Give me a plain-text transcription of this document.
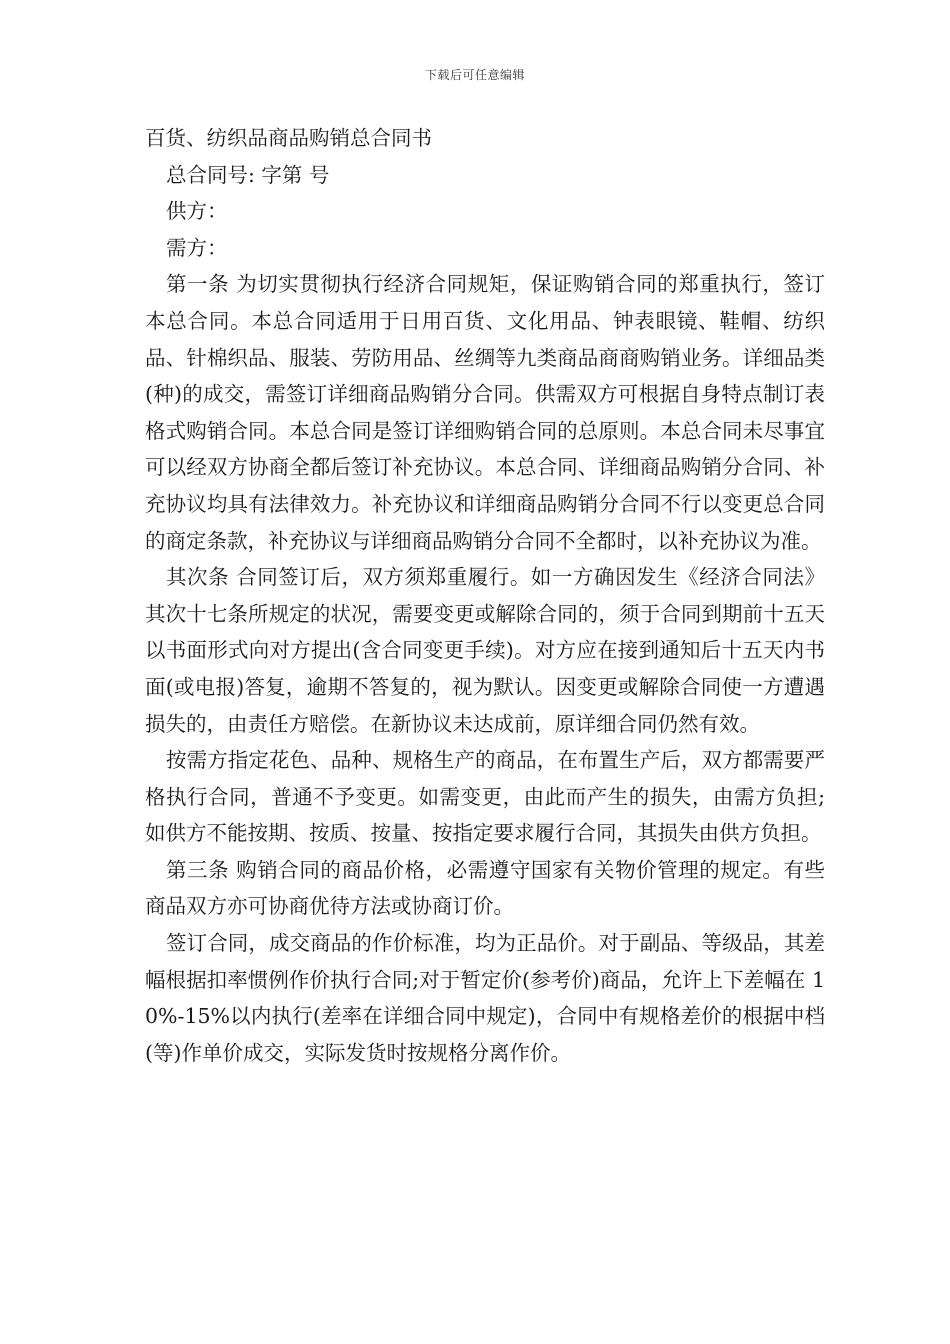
下载后可任意编辑

百货、纺织品商品购销总合同书

总合同号: 字第 号

供方：

需方：

第一条 为切实贯彻执行经济合同规矩，保证购销合同的郑重执行，签订本总合同。本总合同适用于日用百货、文化用品、钟表眼镜、鞋帽、纺织品、针棉织品、服装、劳防用品、丝绸等九类商品商商购销业务。详细品类(种)的成交，需签订详细商品购销分合同。供需双方可根据自身特点制订表格式购销合同。本总合同是签订详细购销合同的总原则。本总合同未尽事宜可以经双方协商全都后签订补充协议。本总合同、详细商品购销分合同、补充协议均具有法律效力。补充协议和详细商品购销分合同不行以变更总合同的商定条款，补充协议与详细商品购销分合同不全都时，以补充协议为准。

其次条 合同签订后，双方须郑重履行。如一方确因发生《经济合同法》其次十七条所规定的状况，需要变更或解除合同的，须于合同到期前十五天以书面形式向对方提出(含合同变更手续)。对方应在接到通知后十五天内书面(或电报)答复，逾期不答复的，视为默认。因变更或解除合同使一方遭遇损失的，由责任方赔偿。在新协议未达成前，原详细合同仍然有效。

按需方指定花色、品种、规格生产的商品，在布置生产后，双方都需要严格执行合同，普通不予变更。如需变更，由此而产生的损失，由需方负担;如供方不能按期、按质、按量、按指定要求履行合同，其损失由供方负担。

第三条 购销合同的商品价格，必需遵守国家有关物价管理的规定。有些商品双方亦可协商优待方法或协商订价。

签订合同，成交商品的作价标准，均为正品价。对于副品、等级品，其差幅根据扣率惯例作价执行合同;对于暂定价(参考价)商品，允许上下差幅在 10%-15%以内执行(差率在详细合同中规定)，合同中有规格差价的根据中档(等)作单价成交，实际发货时按规格分离作价。
